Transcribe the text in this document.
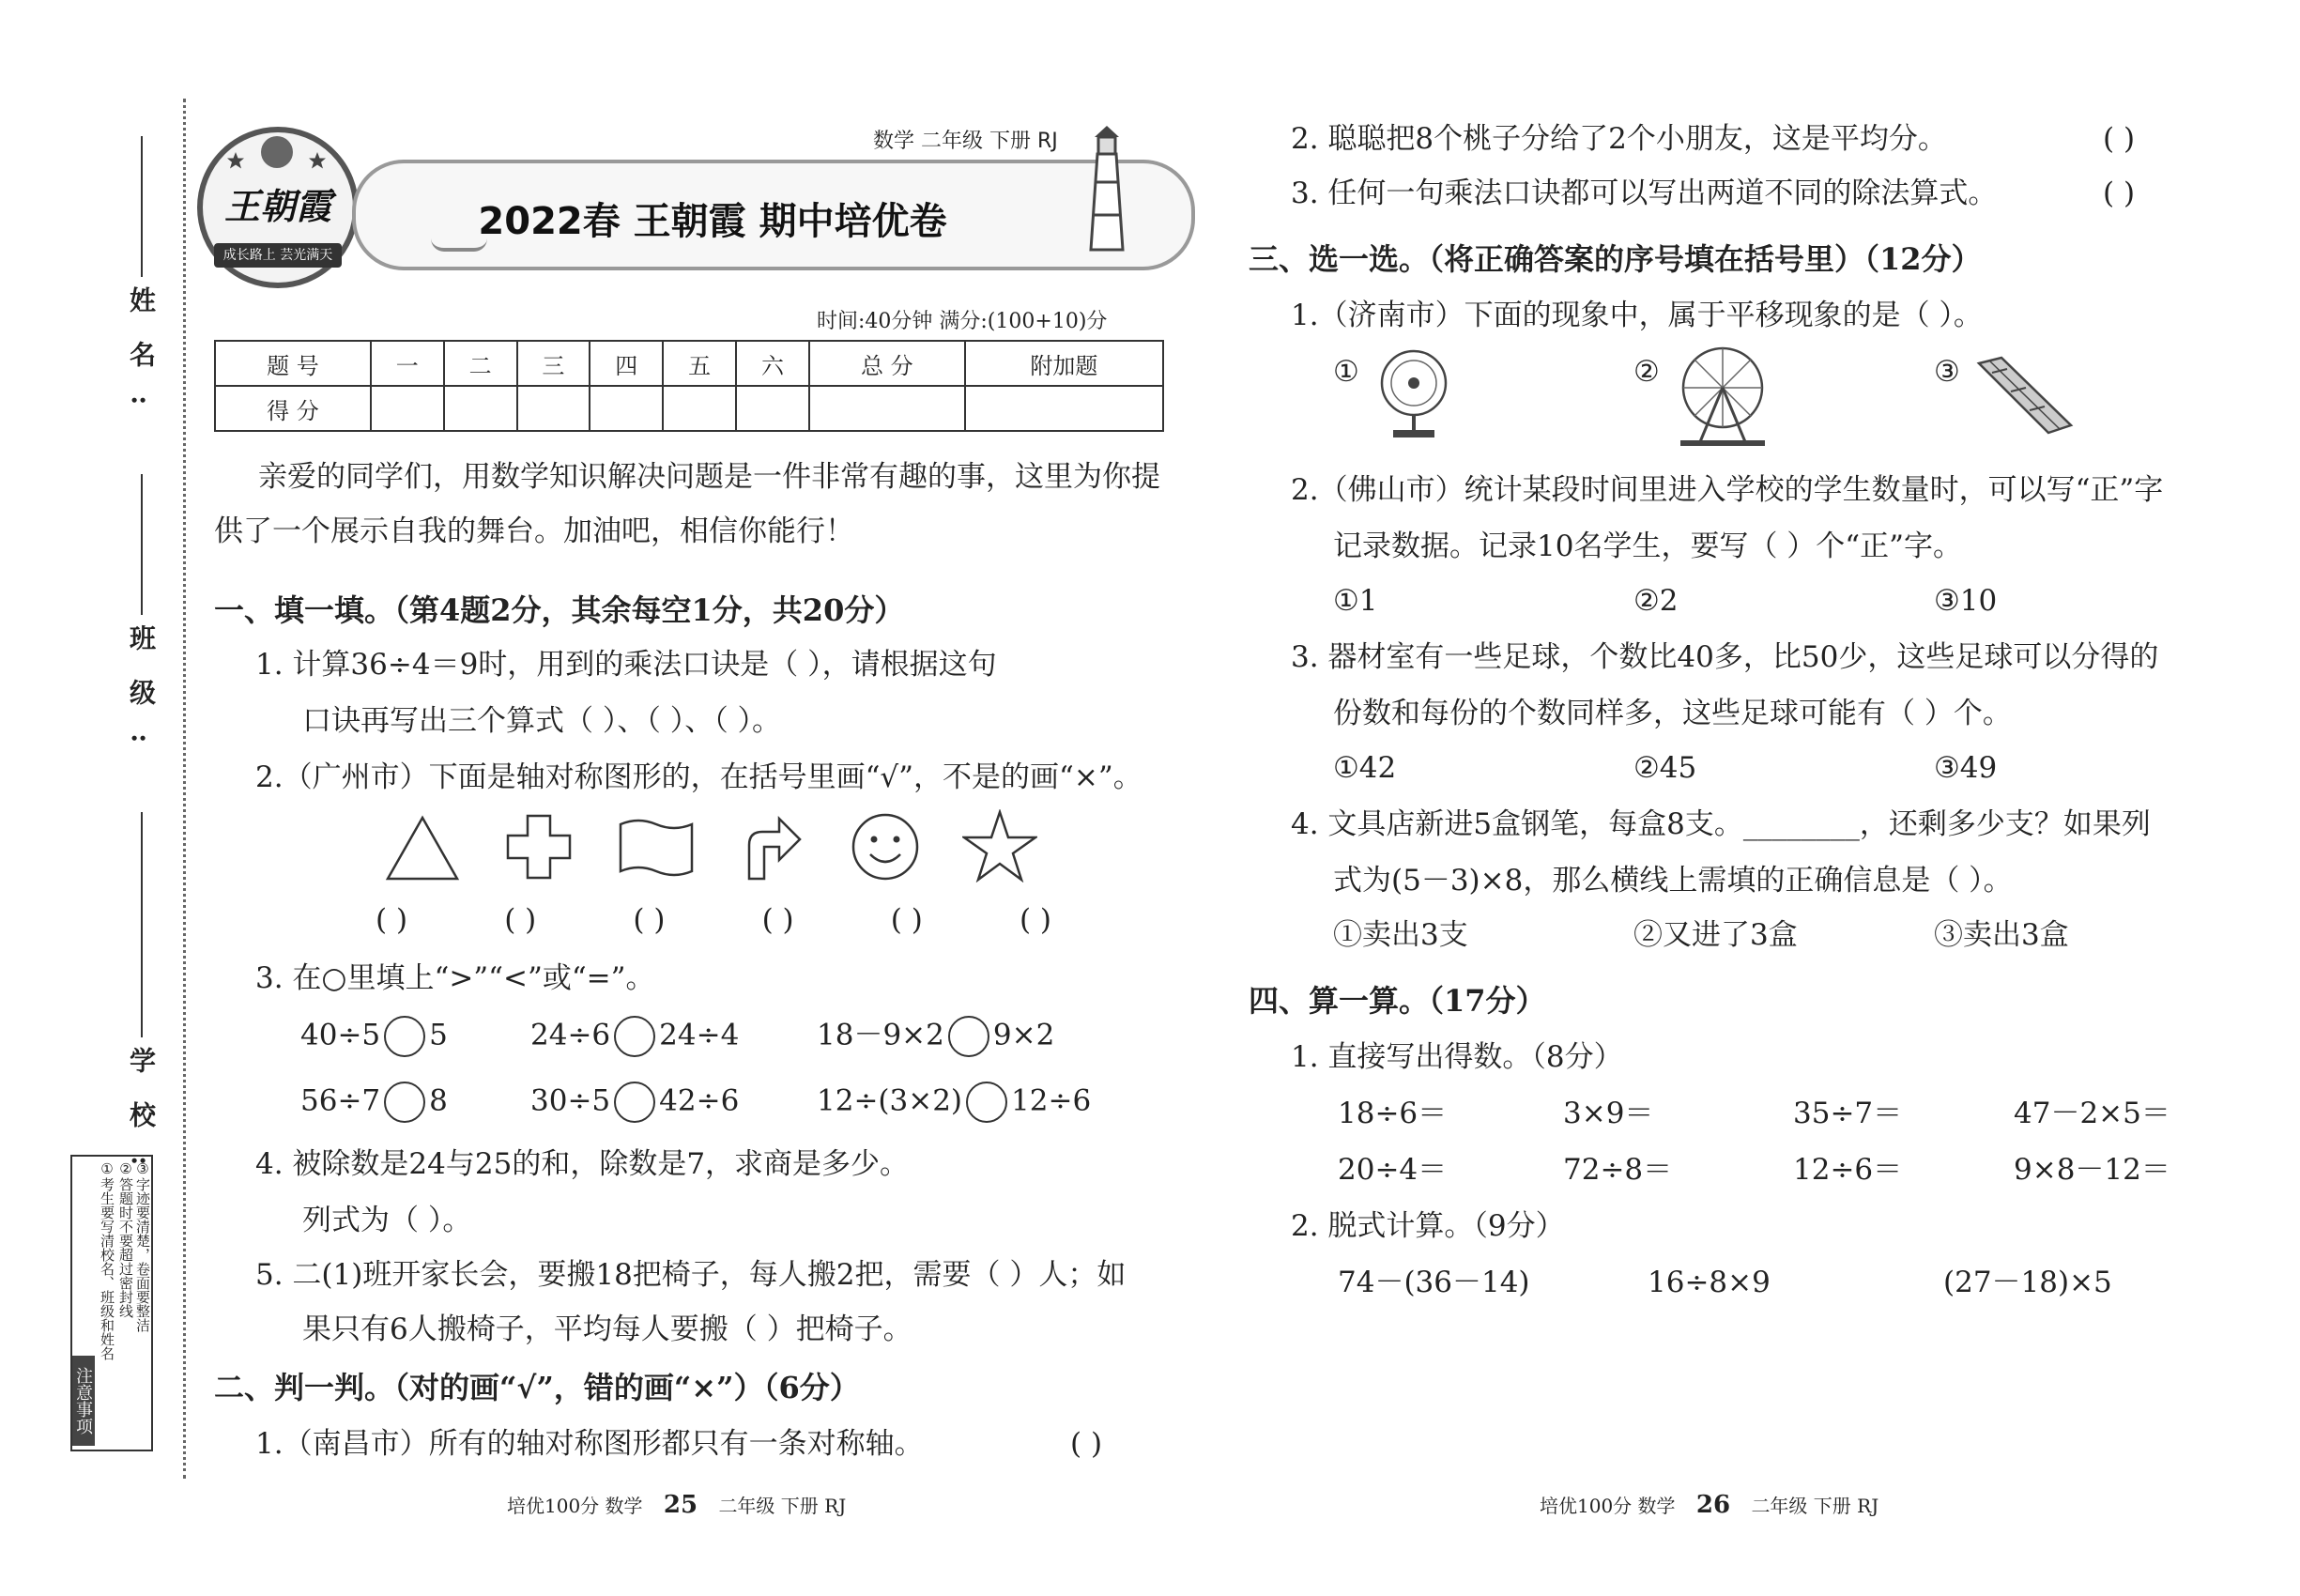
姓名:
班级:
学校:
注意事项
①考生要写清校名、班级和姓名 ②答题时不要超过密封线 ③字迹要清楚，卷面要整洁
王朝霞
成长路上 芸光满天
2022春 王朝霞 期中培优卷
数学 二年级 下册 RJ
时间:40分钟 满分:(100+10)分
题 号	一	二	三	四	五	六	总 分	附加题
得 分								
亲爱的同学们，用数学知识解决问题是一件非常有趣的事，这里为你提
供了一个展示自我的舞台。加油吧，相信你能行！
一、填一填。（第4题2分，其余每空1分，共20分）
1. 计算36÷4＝9时，用到的乘法口诀是（ ），请根据这句
口诀再写出三个算式（ ）、（ ）、（ ）。
2.（广州市）下面是轴对称图形的，在括号里画“√”，不是的画“×”。
( )	( )	( )	( )	( )	( )
3. 在○里填上“>”“<”或“=”。
40÷5 5	24÷6 24÷4	18－9×2 9×2
56÷7 8	30÷5 42÷6	12÷(3×2) 12÷6
4. 被除数是24与25的和，除数是7，求商是多少。
列式为（ ）。
5. 二(1)班开家长会，要搬18把椅子，每人搬2把，需要（ ）人；如
果只有6人搬椅子，平均每人要搬（ ）把椅子。
二、判一判。（对的画“√”，错的画“×”）（6分）
1.（南昌市）所有的轴对称图形都只有一条对称轴。	( )
2. 聪聪把8个桃子分给了2个小朋友，这是平均分。	( )
3. 任何一句乘法口诀都可以写出两道不同的除法算式。	( )
三、选一选。（将正确答案的序号填在括号里）（12分）
1.（济南市）下面的现象中，属于平移现象的是（ ）。
①	②	③
2.（佛山市）统计某段时间里进入学校的学生数量时，可以写“正”字
记录数据。记录10名学生，要写（ ）个“正”字。
①1	②2	③10
3. 器材室有一些足球，个数比40多，比50少，这些足球可以分得的
份数和每份的个数同样多，这些足球可能有（ ）个。
①42	②45	③49
4. 文具店新进5盒钢笔，每盒8支。________，还剩多少支？如果列
式为(5－3)×8，那么横线上需填的正确信息是（ ）。
①卖出3支	②又进了3盒	③卖出3盒
四、算一算。（17分）
1. 直接写出得数。（8分）
18÷6＝	3×9＝	35÷7＝	47－2×5＝
20÷4＝	72÷8＝	12÷6＝	9×8－12＝
2. 脱式计算。（9分）
74－(36－14)	16÷8×9	(27－18)×5
培优100分 数学 25 二年级 下册 RJ	培优100分 数学 26 二年级 下册 RJ
